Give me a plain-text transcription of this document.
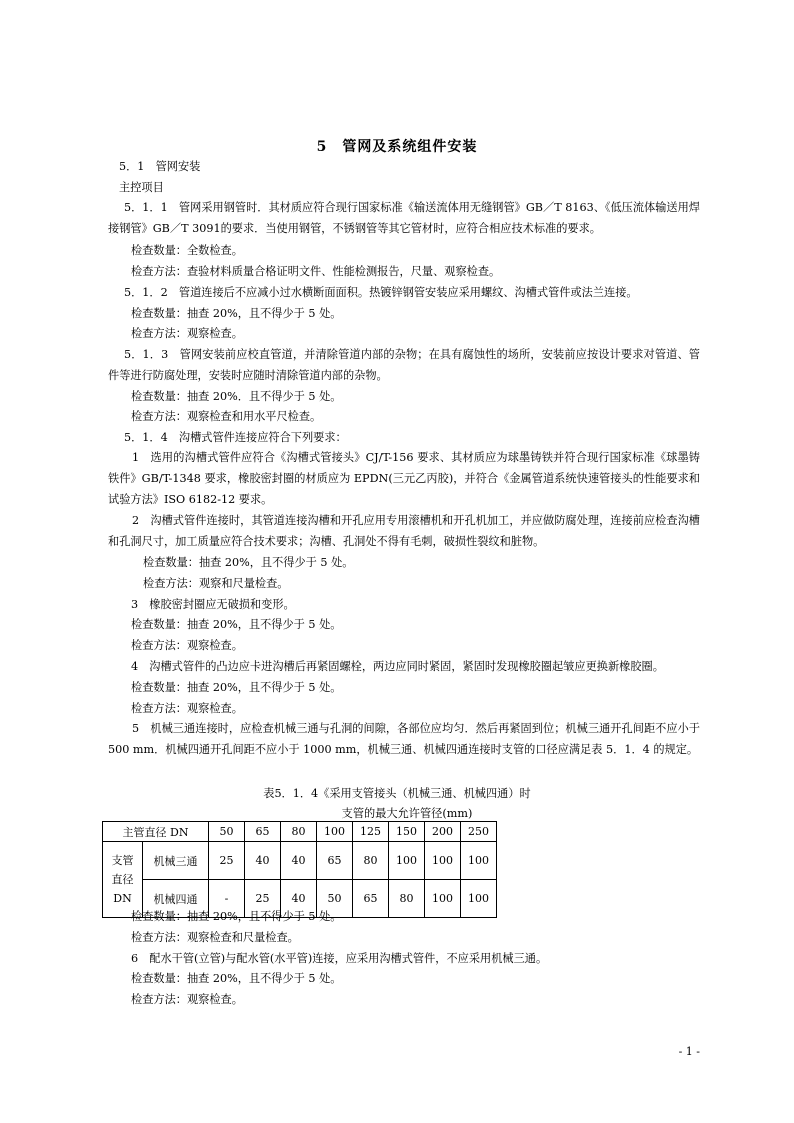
5　管网及系统组件安装
5．1　管网安装
主控项目
5．1．1　管网采用钢管时．其材质应符合现行国家标准《输送流体用无缝钢管》GB／T 8163、《低压流体输送用焊接钢管》GB／T 3091的要求．当使用钢管，不锈钢管等其它管材时，应符合相应技术标准的要求。
检查数量：全数检查。
检查方法：查验材料质量合格证明文件、性能检测报告，尺量、观察检查。
5．1．2　管道连接后不应减小过水横断面面积。热镀锌钢管安装应采用螺纹、沟槽式管件或法兰连接。
检查数量：抽查 20%，且不得少于 5 处。
检查方法：观察检查。
5．1．3　管网安装前应校直管道，并清除管道内部的杂物；在具有腐蚀性的场所，安装前应按设计要求对管道、管件等进行防腐处理，安装时应随时清除管道内部的杂物。
检查数量：抽查 20%．且不得少于 5 处。
检查方法：观察检查和用水平尺检查。
5．1．4　沟槽式管件连接应符合下列要求：
1　选用的沟槽式管件应符合《沟槽式管接头》CJ/T-156 要求、其材质应为球墨铸铁并符合现行国家标准《球墨铸铁件》GB/T-1348 要求，橡胶密封圈的材质应为 EPDN(三元乙丙胶)，并符合《金属管道系统快速管接头的性能要求和试验方法》ISO 6182-12 要求。
2　沟槽式管件连接时，其管道连接沟槽和开孔应用专用滚槽机和开孔机加工，并应做防腐处理，连接前应检查沟槽和孔洞尺寸，加工质量应符合技术要求；沟槽、孔洞处不得有毛刺，破损性裂纹和脏物。
检查数量：抽查 20%，且不得少于 5 处。
检查方法：观察和尺量检查。
3　橡胶密封圈应无破损和变形。
检查数量：抽查 20%，且不得少于 5 处。
检查方法：观察检查。
4　沟槽式管件的凸边应卡进沟槽后再紧固螺栓，两边应同时紧固，紧固时发现橡胶圈起皱应更换新橡胶圈。
检查数量：抽查 20%，且不得少于 5 处。
检查方法：观察检查。
5　机械三通连接时，应检查机械三通与孔洞的间隙，各部位应均匀．然后再紧固到位；机械三通开孔间距不应小于 500 mm．机械四通开孔间距不应小于 1000 mm，机械三通、机械四通连接时支管的口径应满足表 5．1．4 的规定。
表5．1．4《采用支管接头（机械三通、机械四通）时
支管的最大允许管径(mm)
主管直径 DN		50	65	80	100	125	150	200	250

支管
直径
DN	机械三通	25	40	40	65	80	100	100	100
	机械四通	-	25	40	50	65	80	100	100
检查数量：抽查 20%，且不得少于 5 处。
检查方法：观察检查和尺量检查。
6　配水干管(立管)与配水管(水平管)连接，应采用沟槽式管件，不应采用机械三通。
检查数量：抽查 20%，且不得少于 5 处。
检查方法：观察检查。
- 1 -
